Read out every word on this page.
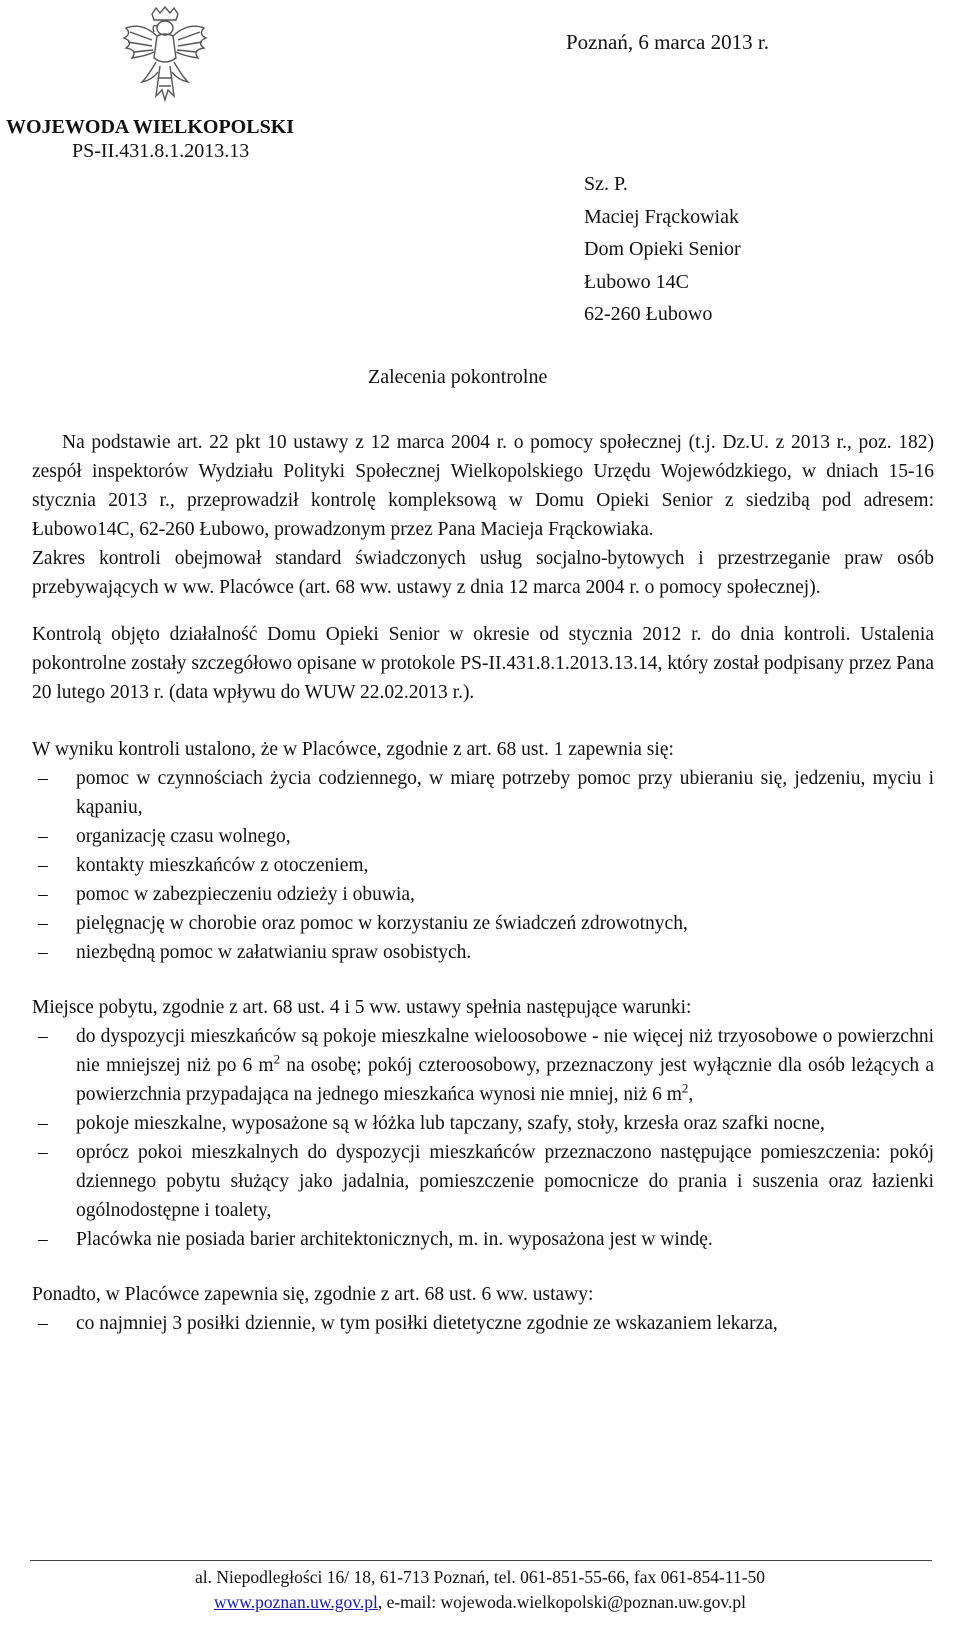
Poznań, 6 marca 2013 r.
WOJEWODA WIELKOPOLSKI
PS-II.431.8.1.2013.13
Sz. P.
Maciej Frąckowiak
Dom Opieki Senior
Łubowo 14C
62-260 Łubowo
Zalecenia pokontrolne

Na podstawie art. 22 pkt 10 ustawy z 12 marca 2004 r. o pomocy społecznej (t.j. Dz.U. z 2013 r., poz. 182) zespół inspektorów Wydziału Polityki Społecznej Wielkopolskiego Urzędu Wojewódzkiego, w dniach 15-16 stycznia 2013 r., przeprowadził kontrolę kompleksową w Domu Opieki Senior z siedzibą pod adresem: Łubowo14C, 62-260 Łubowo, prowadzonym przez Pana Macieja Frąckowiaka.

Zakres kontroli obejmował standard świadczonych usług socjalno-bytowych i przestrzeganie praw osób przebywających w ww. Placówce (art. 68 ww. ustawy z dnia 12 marca 2004 r. o pomocy społecznej).

Kontrolą objęto działalność Domu Opieki Senior w okresie od stycznia 2012 r. do dnia kontroli. Ustalenia pokontrolne zostały szczegółowo opisane w protokole PS-II.431.8.1.2013.13.14, który został podpisany przez Pana 20 lutego 2013 r. (data wpływu do WUW 22.02.2013 r.).

W wyniku kontroli ustalono, że w Placówce, zgodnie z art. 68 ust. 1 zapewnia się:

– pomoc w czynnościach życia codziennego, w miarę potrzeby pomoc przy ubieraniu się, jedzeniu, myciu i kąpaniu,
– organizację czasu wolnego,
– kontakty mieszkańców z otoczeniem,
– pomoc w zabezpieczeniu odzieży i obuwia,
– pielęgnację w chorobie oraz pomoc w korzystaniu ze świadczeń zdrowotnych,
– niezbędną pomoc w załatwianiu spraw osobistych.

Miejsce pobytu, zgodnie z art. 68 ust. 4 i 5 ww. ustawy spełnia następujące warunki:

– do dyspozycji mieszkańców są pokoje mieszkalne wieloosobowe - nie więcej niż trzyosobowe o powierzchni nie mniejszej niż po 6 $m^2$ na osobę; pokój czteroosobowy, przeznaczony jest wyłącznie dla osób leżących a powierzchnia przypadająca na jednego mieszkańca wynosi nie mniej, niż 6 $m^2$,
– pokoje mieszkalne, wyposażone są w łóżka lub tapczany, szafy, stoły, krzesła oraz szafki nocne,
– oprócz pokoi mieszkalnych do dyspozycji mieszkańców przeznaczono następujące pomieszczenia: pokój dziennego pobytu służący jako jadalnia, pomieszczenie pomocnicze do prania i suszenia oraz łazienki ogólnodostępne i toalety,
– Placówka nie posiada barier architektonicznych, m. in. wyposażona jest w windę.

Ponadto, w Placówce zapewnia się, zgodnie z art. 68 ust. 6 ww. ustawy:

– co najmniej 3 posiłki dziennie, w tym posiłki dietetyczne zgodnie ze wskazaniem lekarza,
al. Niepodległości 16/ 18, 61-713 Poznań, tel. 061-851-55-66, fax 061-854-11-50
www.poznan.uw.gov.pl, e-mail: wojewoda.wielkopolski@poznan.uw.gov.pl
